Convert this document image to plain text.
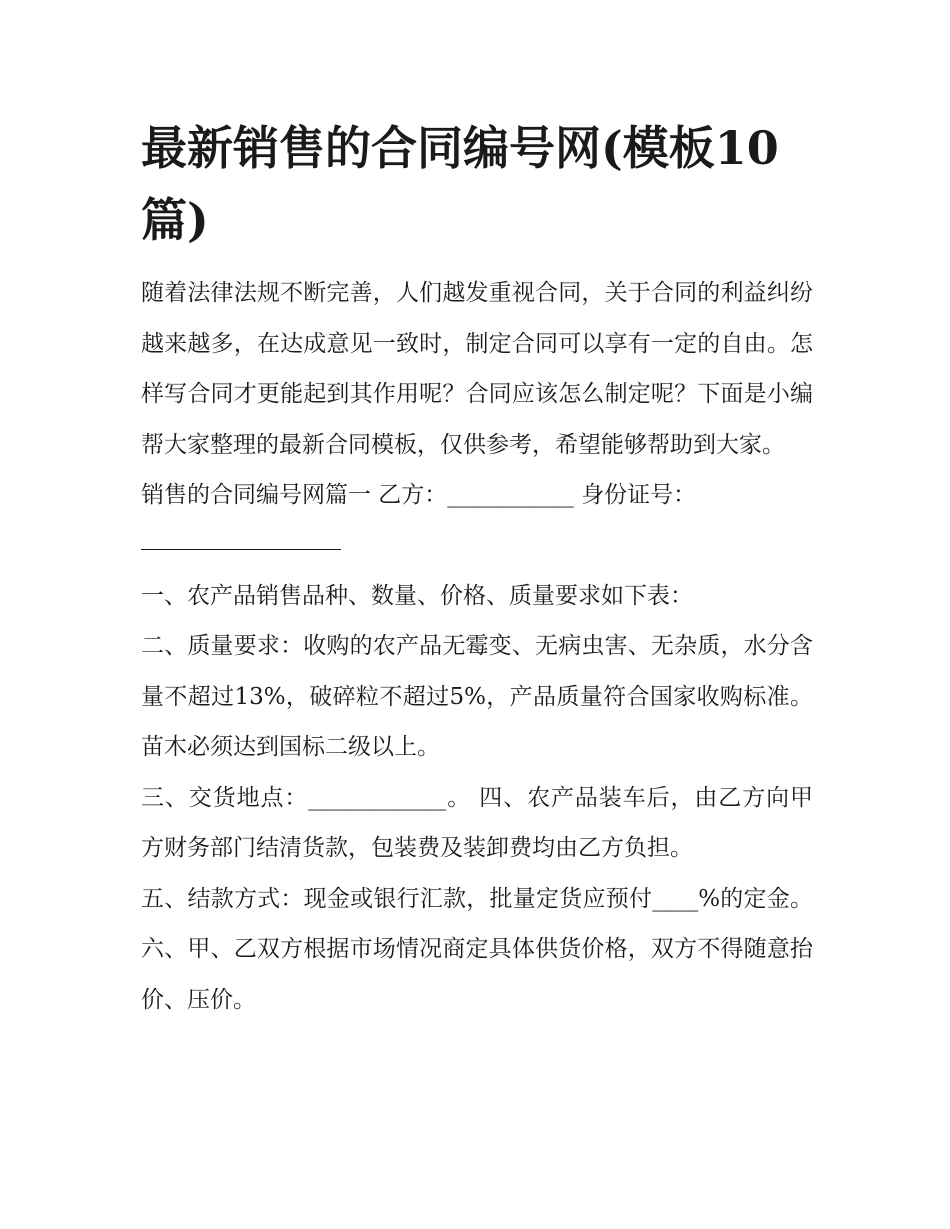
最新销售的合同编号网(模板10 篇)

随着法律法规不断完善，人们越发重视合同，关于合同的利益纠纷越来越多，在达成意见一致时，制定合同可以享有一定的自由。怎样写合同才更能起到其作用呢？合同应该怎么制定呢？下面是小编帮大家整理的最新合同模板，仅供参考，希望能够帮助到大家。

销售的合同编号网篇一 乙方：___________ 身份证号：

一、农产品销售品种、数量、价格、质量要求如下表：

二、质量要求：收购的农产品无霉变、无病虫害、无杂质，水分含量不超过13%，破碎粒不超过5%，产品质量符合国家收购标准。苗木必须达到国标二级以上。

三、交货地点：____________。 四、农产品装车后，由乙方向甲方财务部门结清货款，包装费及装卸费均由乙方负担。

五、结款方式：现金或银行汇款，批量定货应预付____%的定金。 六、甲、乙双方根据市场情况商定具体供货价格，双方不得随意抬价、压价。
